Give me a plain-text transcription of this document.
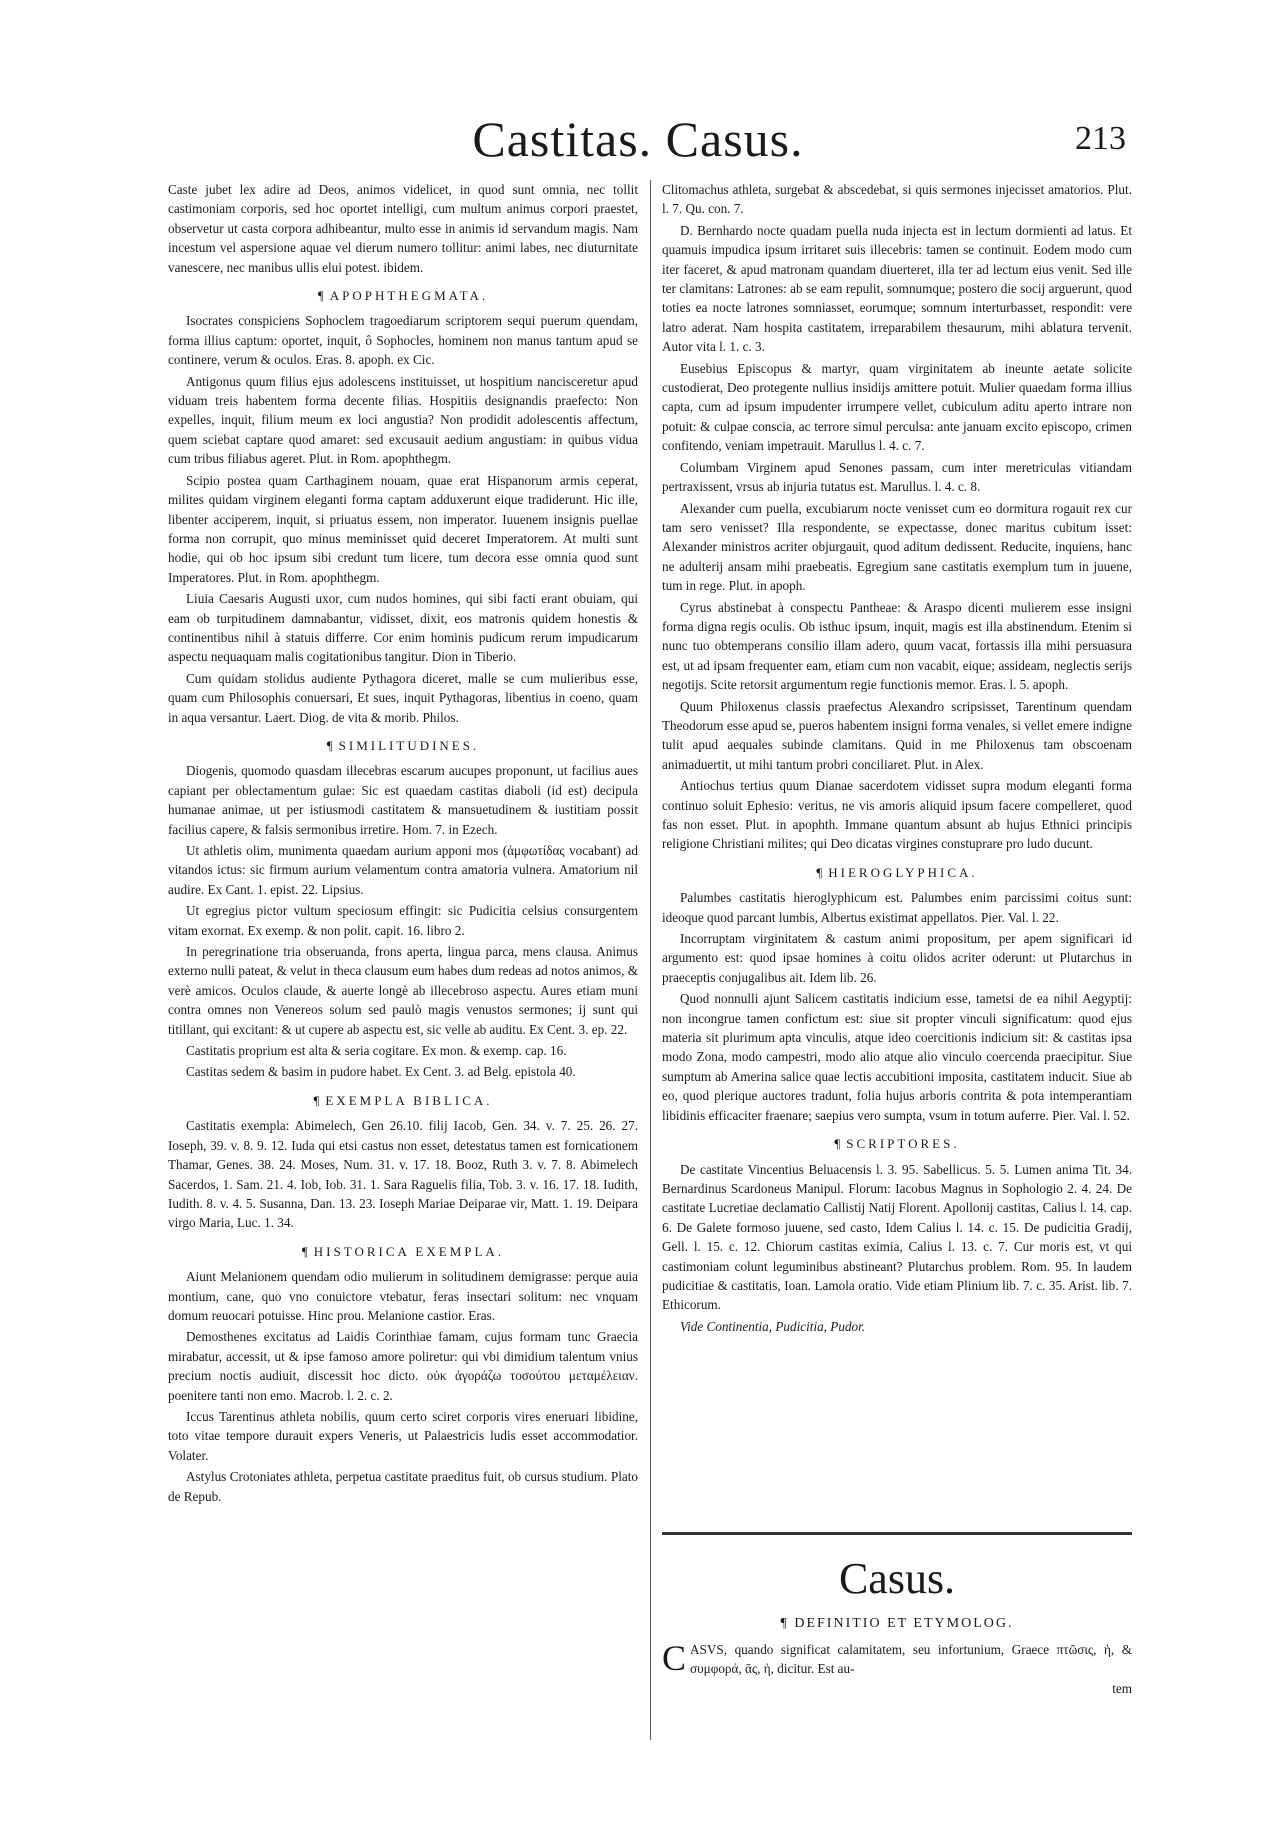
Castitas. Casus.	213

Caste jubet lex adire ad Deos, animos videlicet, in quod sunt omnia, nec tollit castimoniam corporis, sed hoc oportet intelligi, cum multum animus corpori praestet, observetur ut casta corpora adhibeantur, multo esse in animis id servandum magis. Nam incestum vel aspersione aquae vel dierum numero tollitur: animi labes, nec diuturnitate vanescere, nec manibus ullis elui potest. ibidem.

¶ APOPHTHEGMATA.

Isocrates conspiciens Sophoclem tragoediarum scriptorem sequi puerum quendam, forma illius captum: oportet, inquit, ô Sophocles, hominem non manus tantum apud se continere, verum & oculos. Eras. 8. apoph. ex Cic.

Antigonus quum filius ejus adolescens instituisset, ut hospitium nancisceretur apud viduam treis habentem forma decente filias. Hospitiis designandis praefecto: Non expelles, inquit, filium meum ex loci angustia? Non prodidit adolescentis affectum, quem sciebat captare quod amaret: sed excusauit aedium angustiam: in quibus vidua cum tribus filiabus ageret. Plut. in Rom. apophthegm.

Scipio postea quam Carthaginem nouam, quae erat Hispanorum armis ceperat, milites quidam virginem eleganti forma captam adduxerunt eique tradiderunt. Hic ille, libenter acciperem, inquit, si priuatus essem, non imperator. Iuuenem insignis puellae forma non corrupit, quo minus meminisset quid deceret Imperatorem. At multi sunt hodie, qui ob hoc ipsum sibi credunt tum licere, tum decora esse omnia quod sunt Imperatores. Plut. in Rom. apophthegm.

Liuia Caesaris Augusti uxor, cum nudos homines, qui sibi facti erant obuiam, qui eam ob turpitudinem damnabantur, vidisset, dixit, eos matronis quidem honestis & continentibus nihil à statuis differre. Cor enim hominis pudicum rerum impudicarum aspectu nequaquam malis cogitationibus tangitur. Dion in Tiberio.

Cum quidam stolidus audiente Pythagora diceret, malle se cum mulieribus esse, quam cum Philosophis conuersari, Et sues, inquit Pythagoras, libentius in coeno, quam in aqua versantur. Laert. Diog. de vita & morib. Philos.

¶ SIMILITUDINES.

Diogenis, quomodo quasdam illecebras escarum aucupes proponunt, ut facilius aues capiant per oblectamentum gulae: Sic est quaedam castitas diaboli (id est) decipula humanae animae, ut per istiusmodi castitatem & mansuetudinem & iustitiam possit facilius capere, & falsis sermonibus irretire. Hom. 7. in Ezech.

Ut athletis olim, munimenta quaedam aurium apponi mos (ἀμφωτίδας vocabant) ad vitandos ictus: sic firmum aurium velamentum contra amatoria vulnera. Amatorium nil audire. Ex Cant. 1. epist. 22. Lipsius.

Ut egregius pictor vultum speciosum effingit: sic Pudicitia celsius consurgentem vitam exornat. Ex exemp. & non polit. capit. 16. libro 2.

In peregrinatione tria obseruanda, frons aperta, lingua parca, mens clausa. Animus externo nulli pateat, & velut in theca clausum eum habes dum redeas ad notos animos, & verè amicos. Oculos claude, & auerte longè ab illecebroso aspectu. Aures etiam muni contra omnes non Venereos solum sed paulò magis venustos sermones; ij sunt qui titillant, qui excitant: & ut cupere ab aspectu est, sic velle ab auditu. Ex Cent. 3. ep. 22.

Castitatis proprium est alta & seria cogitare. Ex mon. & exemp. cap. 16.

Castitas sedem & basim in pudore habet. Ex Cent. 3. ad Belg. epistola 40.

¶ EXEMPLA BIBLICA.

Castitatis exempla: Abimelech, Gen 26.10. filij Iacob, Gen. 34. v. 7. 25. 26. 27. Ioseph, 39. v. 8. 9. 12. Iuda qui etsi castus non esset, detestatus tamen est fornicationem Thamar, Genes. 38. 24. Moses, Num. 31. v. 17. 18. Booz, Ruth 3. v. 7. 8. Abimelech Sacerdos, 1. Sam. 21. 4. Iob, Iob. 31. 1. Sara Raguelis filia, Tob. 3. v. 16. 17. 18. Iudith, Iudith. 8. v. 4. 5. Susanna, Dan. 13. 23. Ioseph Mariae Deiparae vir, Matt. 1. 19. Deipara virgo Maria, Luc. 1. 34.

¶ HISTORICA EXEMPLA.

Aiunt Melanionem quendam odio mulierum in solitudinem demigrasse: perque auia montium, cane, quo vno conuictore vtebatur, feras insectari solitum: nec vnquam domum reuocari potuisse. Hinc prou. Melanione castior. Eras.

Demosthenes excitatus ad Laidis Corinthiae famam, cujus formam tunc Graecia mirabatur, accessit, ut & ipse famoso amore poliretur: qui vbi dimidium talentum vnius precium noctis audiuit, discessit hoc dicto. οὐκ ἀγοράζω τοσούτου μεταμέλειαν. poenitere tanti non emo. Macrob. l. 2. c. 2.

Iccus Tarentinus athleta nobilis, quum certo sciret corporis vires eneruari libidine, toto vitae tempore durauit expers Veneris, ut Palaestricis ludis esset accommodatior. Volater.

Astylus Crotoniates athleta, perpetua castitate praeditus fuit, ob cursus studium. Plato de Repub.

Clitomachus athleta, surgebat & abscedebat, si quis sermones injecisset amatorios. Plut. l. 7. Qu. con. 7.

D. Bernhardo nocte quadam puella nuda injecta est in lectum dormienti ad latus. Et quamuis impudica ipsum irritaret suis illecebris: tamen se continuit. Eodem modo cum iter faceret, & apud matronam quandam diuerteret, illa ter ad lectum eius venit. Sed ille ter clamitans: Latrones: ab se eam repulit, somnumque; postero die socij arguerunt, quod toties ea nocte latrones somniasset, eorumque; somnum interturbasset, respondit: vere latro aderat. Nam hospita castitatem, irreparabilem thesaurum, mihi ablatura tervenit. Autor vita l. 1. c. 3.

Eusebius Episcopus & martyr, quam virginitatem ab ineunte aetate solicite custodierat, Deo protegente nullius insidijs amittere potuit. Mulier quaedam forma illius capta, cum ad ipsum impudenter irrumpere vellet, cubiculum aditu aperto intrare non potuit: & culpae conscia, ac terrore simul perculsa: ante januam excito episcopo, crimen confitendo, veniam impetrauit. Marullus l. 4. c. 7.

Columbam Virginem apud Senones passam, cum inter meretriculas vitiandam pertraxissent, vrsus ab injuria tutatus est. Marullus. l. 4. c. 8.

Alexander cum puella, excubiarum nocte venisset cum eo dormitura rogauit rex cur tam sero venisset? Illa respondente, se expectasse, donec maritus cubitum isset: Alexander ministros acriter objurgauit, quod aditum dedissent. Reducite, inquiens, hanc ne adulterij ansam mihi praebeatis. Egregium sane castitatis exemplum tum in juuene, tum in rege. Plut. in apoph.

Cyrus abstinebat à conspectu Pantheae: & Araspo dicenti mulierem esse insigni forma digna regis oculis. Ob isthuc ipsum, inquit, magis est illa abstinendum. Etenim si nunc tuo obtemperans consilio illam adero, quum vacat, fortassis illa mihi persuasura est, ut ad ipsam frequenter eam, etiam cum non vacabit, eique; assideam, neglectis serijs negotijs. Scite retorsit argumentum regie functionis memor. Eras. l. 5. apoph.

Quum Philoxenus classis praefectus Alexandro scripsisset, Tarentinum quendam Theodorum esse apud se, pueros habentem insigni forma venales, si vellet emere indigne tulit apud aequales subinde clamitans. Quid in me Philoxenus tam obscoenam animaduertit, ut mihi tantum probri conciliaret. Plut. in Alex.

Antiochus tertius quum Dianae sacerdotem vidisset supra modum eleganti forma continuo soluit Ephesio: veritus, ne vis amoris aliquid ipsum facere compelleret, quod fas non esset. Plut. in apophth. Immane quantum absunt ab hujus Ethnici principis religione Christiani milites; qui Deo dicatas virgines constuprare pro ludo ducunt.

¶ HIEROGLYPHICA.

Palumbes castitatis hieroglyphicum est. Palumbes enim parcissimi coitus sunt: ideoque quod parcant lumbis, Albertus existimat appellatos. Pier. Val. l. 22.

Incorruptam virginitatem & castum animi propositum, per apem significari id argumento est: quod ipsae homines à coitu olidos acriter oderunt: ut Plutarchus in praeceptis conjugalibus ait. Idem lib. 26.

Quod nonnulli ajunt Salicem castitatis indicium esse, tametsi de ea nihil Aegyptij: non incongrue tamen confictum est: siue sit propter vinculi significatum: quod ejus materia sit plurimum apta vinculis, atque ideo coercitionis indicium sit: & castitas ipsa modo Zona, modo campestri, modo alio atque alio vinculo coercenda praecipitur. Siue sumptum ab Amerina salice quae lectis accubitioni imposita, castitatem inducit. Siue ab eo, quod plerique auctores tradunt, folia hujus arboris contrita & pota intemperantiam libidinis efficaciter fraenare; saepius vero sumpta, vsum in totum auferre. Pier. Val. l. 52.

¶ SCRIPTORES.

De castitate Vincentius Beluacensis l. 3. 95. Sabellicus. 5. 5. Lumen anima Tit. 34. Bernardinus Scardoneus Manipul. Florum: Iacobus Magnus in Sophologio 2. 4. 24. De castitate Lucretiae declamatio Callistij Natij Florent. Apollonij castitas, Calius l. 14. cap. 6. De Galete formoso juuene, sed casto, Idem Calius l. 14. c. 15. De pudicitia Gradij, Gell. l. 15. c. 12. Chiorum castitas eximia, Calius l. 13. c. 7. Cur moris est, vt qui castimoniam colunt leguminibus abstineant? Plutarchus problem. Rom. 95. In laudem pudicitiae & castitatis, Ioan. Lamola oratio. Vide etiam Plinium lib. 7. c. 35. Arist. lib. 7. Ethicorum.

Vide Continentia, Pudicitia, Pudor.

Casus.
¶ DEFINITIO ET ETYMOLOG.
C ASVS, quando significat calamitatem, seu infortunium, Graece πτῶσις, ἡ, & συμφορά, ᾶς, ἡ, dicitur. Est au-
tem
